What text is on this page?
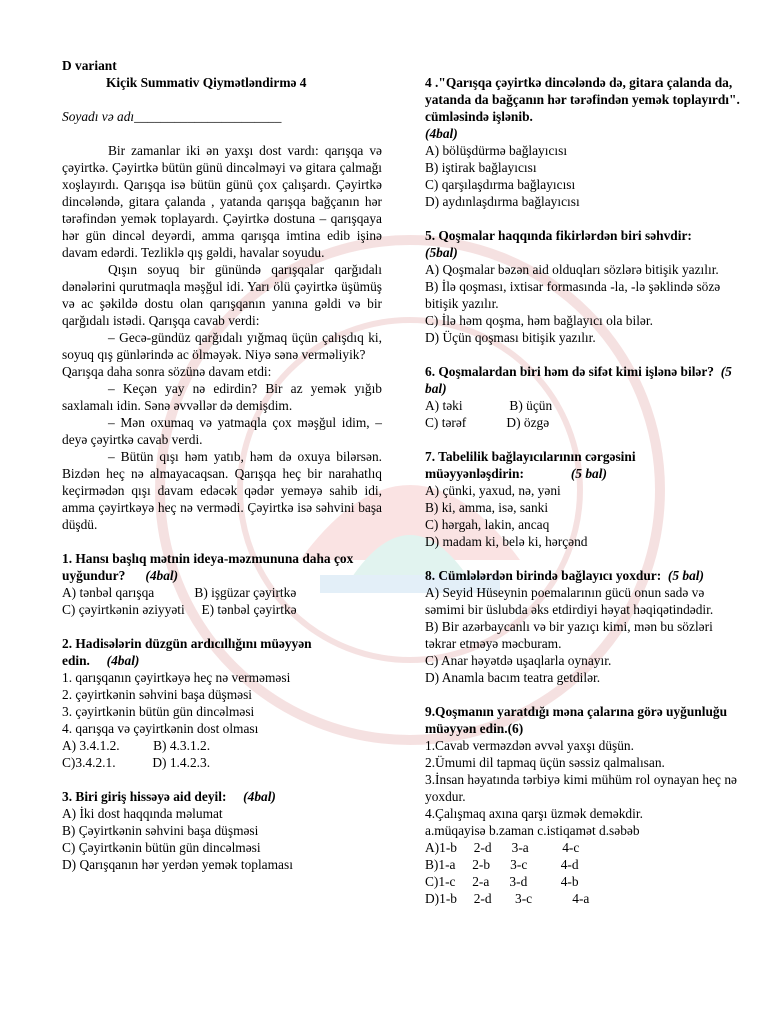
D variant

Kiçik Summativ Qiymətləndirmə 4

Soyadı və adı______________________

Bir zamanlar iki ən yaxşı dost vardı: qarışqa və çəyirtkə. Çəyirtkə bütün günü dincəlməyi və gitara çalmağı xoşlayırdı. Qarışqa isə bütün günü çox çalışardı. Çəyirtkə dincələndə, gitara çalanda , yatanda qarışqa bağçanın hər tərəfindən yemək toplayardı. Çəyirtkə dostuna – qarışqaya hər gün dincəl deyərdi, amma qarışqa imtina edib işinə davam edərdi. Tezliklə qış gəldi, havalar soyudu.

Qışın soyuq bir günündə qarışqalar qarğıdalı dənələrini qurutmaqla məşğul idi. Yarı ölü çəyirtkə üşümüş və ac şəkildə dostu olan qarışqanın yanına gəldi və bir qarğıdalı istədi. Qarışqa cavab verdi:

– Gecə-gündüz qarğıdalı yığmaq üçün çalışdıq ki, soyuq qış günlərində ac ölməyək. Niyə sənə verməliyik?

Qarışqa daha sonra sözünə davam etdi:

– Keçən yay nə edirdin? Bir az yemək yığıb saxlamalı idin. Sənə əvvəllər də demişdim.

– Mən oxumaq və yatmaqla çox məşğul idim, – deyə çəyirtkə cavab verdi.

– Bütün qışı həm yatıb, həm də oxuya bilərsən. Bizdən heç nə almayacaqsan. Qarışqa heç bir narahatlıq keçirmədən qışı davam edəcək qədər yeməyə sahib idi, amma çəyirtkəyə heç nə vermədi. Çəyirtkə isə səhvini başa düşdü.

1. Hansı başlıq mətnin ideya-məzmununa daha çox uyğundur? (4bal)

A) tənbəl qarışqa            B) işgüzar çəyirtkə

C) çəyirtkənin əziyyəti     E) tənbəl çəyirtkə

2. Hadisələrin düzgün ardıcıllığını müəyyən edin. (4bal)

1. qarışqanın çəyirtkəyə heç nə verməməsi

2. çəyirtkənin səhvini başa düşməsi

3. çəyirtkənin bütün gün dincəlməsi

4. qarışqa və çəyirtkənin dost olması

A) 3.4.1.2.          B) 4.3.1.2.

C)3.4.2.1.           D) 1.4.2.3.

3. Biri giriş hissəyə aid deyil: (4bal)

A) İki dost haqqında məlumat

B) Çəyirtkənin səhvini başa düşməsi

C) Çəyirtkənin bütün gün dincəlməsi

D) Qarışqanın hər yerdən yemək toplaması

4 ."Qarışqa çəyirtkə dincələndə də, gitara çalanda da, yatanda da bağçanın hər tərəfindən yemək toplayırdı". cümləsində işlənib.

(4bal)

A) bölüşdürmə bağlayıcısı

B) iştirak bağlayıcısı

C) qarşılaşdırma bağlayıcısı

D) aydınlaşdırma bağlayıcısı

5. Qoşmalar haqqında fikirlərdən biri səhvdir:

(5bal)

A) Qoşmalar bəzən aid olduqları sözlərə bitişik yazılır.

B) İlə qoşması, ixtisar formasında -la, -lə şəklində sözə bitişik yazılır.

C) İlə həm qoşma, həm bağlayıcı ola bilər.

D) Üçün qoşması bitişik yazılır.

6. Qoşmalardan biri həm də sifət kimi işlənə bilər? (5 bal)

A) təki              B) üçün

C) tərəf            D) özgə

7. Tabelilik bağlayıcılarının cərgəsini müəyyənləşdirin:	(5 bal)

A) çünki, yaxud, nə, yəni

B) ki, amma, isə, sanki

C) hərgah, lakin, ancaq

D) madam ki, belə ki, hərçənd

8. Cümlələrdən birində bağlayıcı yoxdur: (5 bal)

A) Seyid Hüseynin poemalarının gücü onun sadə və səmimi bir üslubda əks etdirdiyi həyat həqiqətindədir.

B) Bir azərbaycanlı və bir yazıçı kimi, mən bu sözləri təkrar etməyə məcburam.

C) Anar həyətdə uşaqlarla oynayır.

D) Anamla bacım teatra getdilər.

9.Qoşmanın yaratdığı məna çalarına görə uyğunluğu müəyyən edin.(6)

1.Cavab verməzdən əvvəl yaxşı düşün.

2.Ümumi dil tapmaq üçün səssiz qalmalısan.

3.İnsan həyatında tərbiyə kimi mühüm rol oynayan heç nə yoxdur.

4.Çalışmaq axına qarşı üzmək deməkdir.

a.müqayisə b.zaman c.istiqamət d.səbəb

A)1-b     2-d      3-a          4-c

B)1-a     2-b      3-c          4-d

C)1-c     2-a      3-d          4-b

D)1-b     2-d       3-c            4-a
